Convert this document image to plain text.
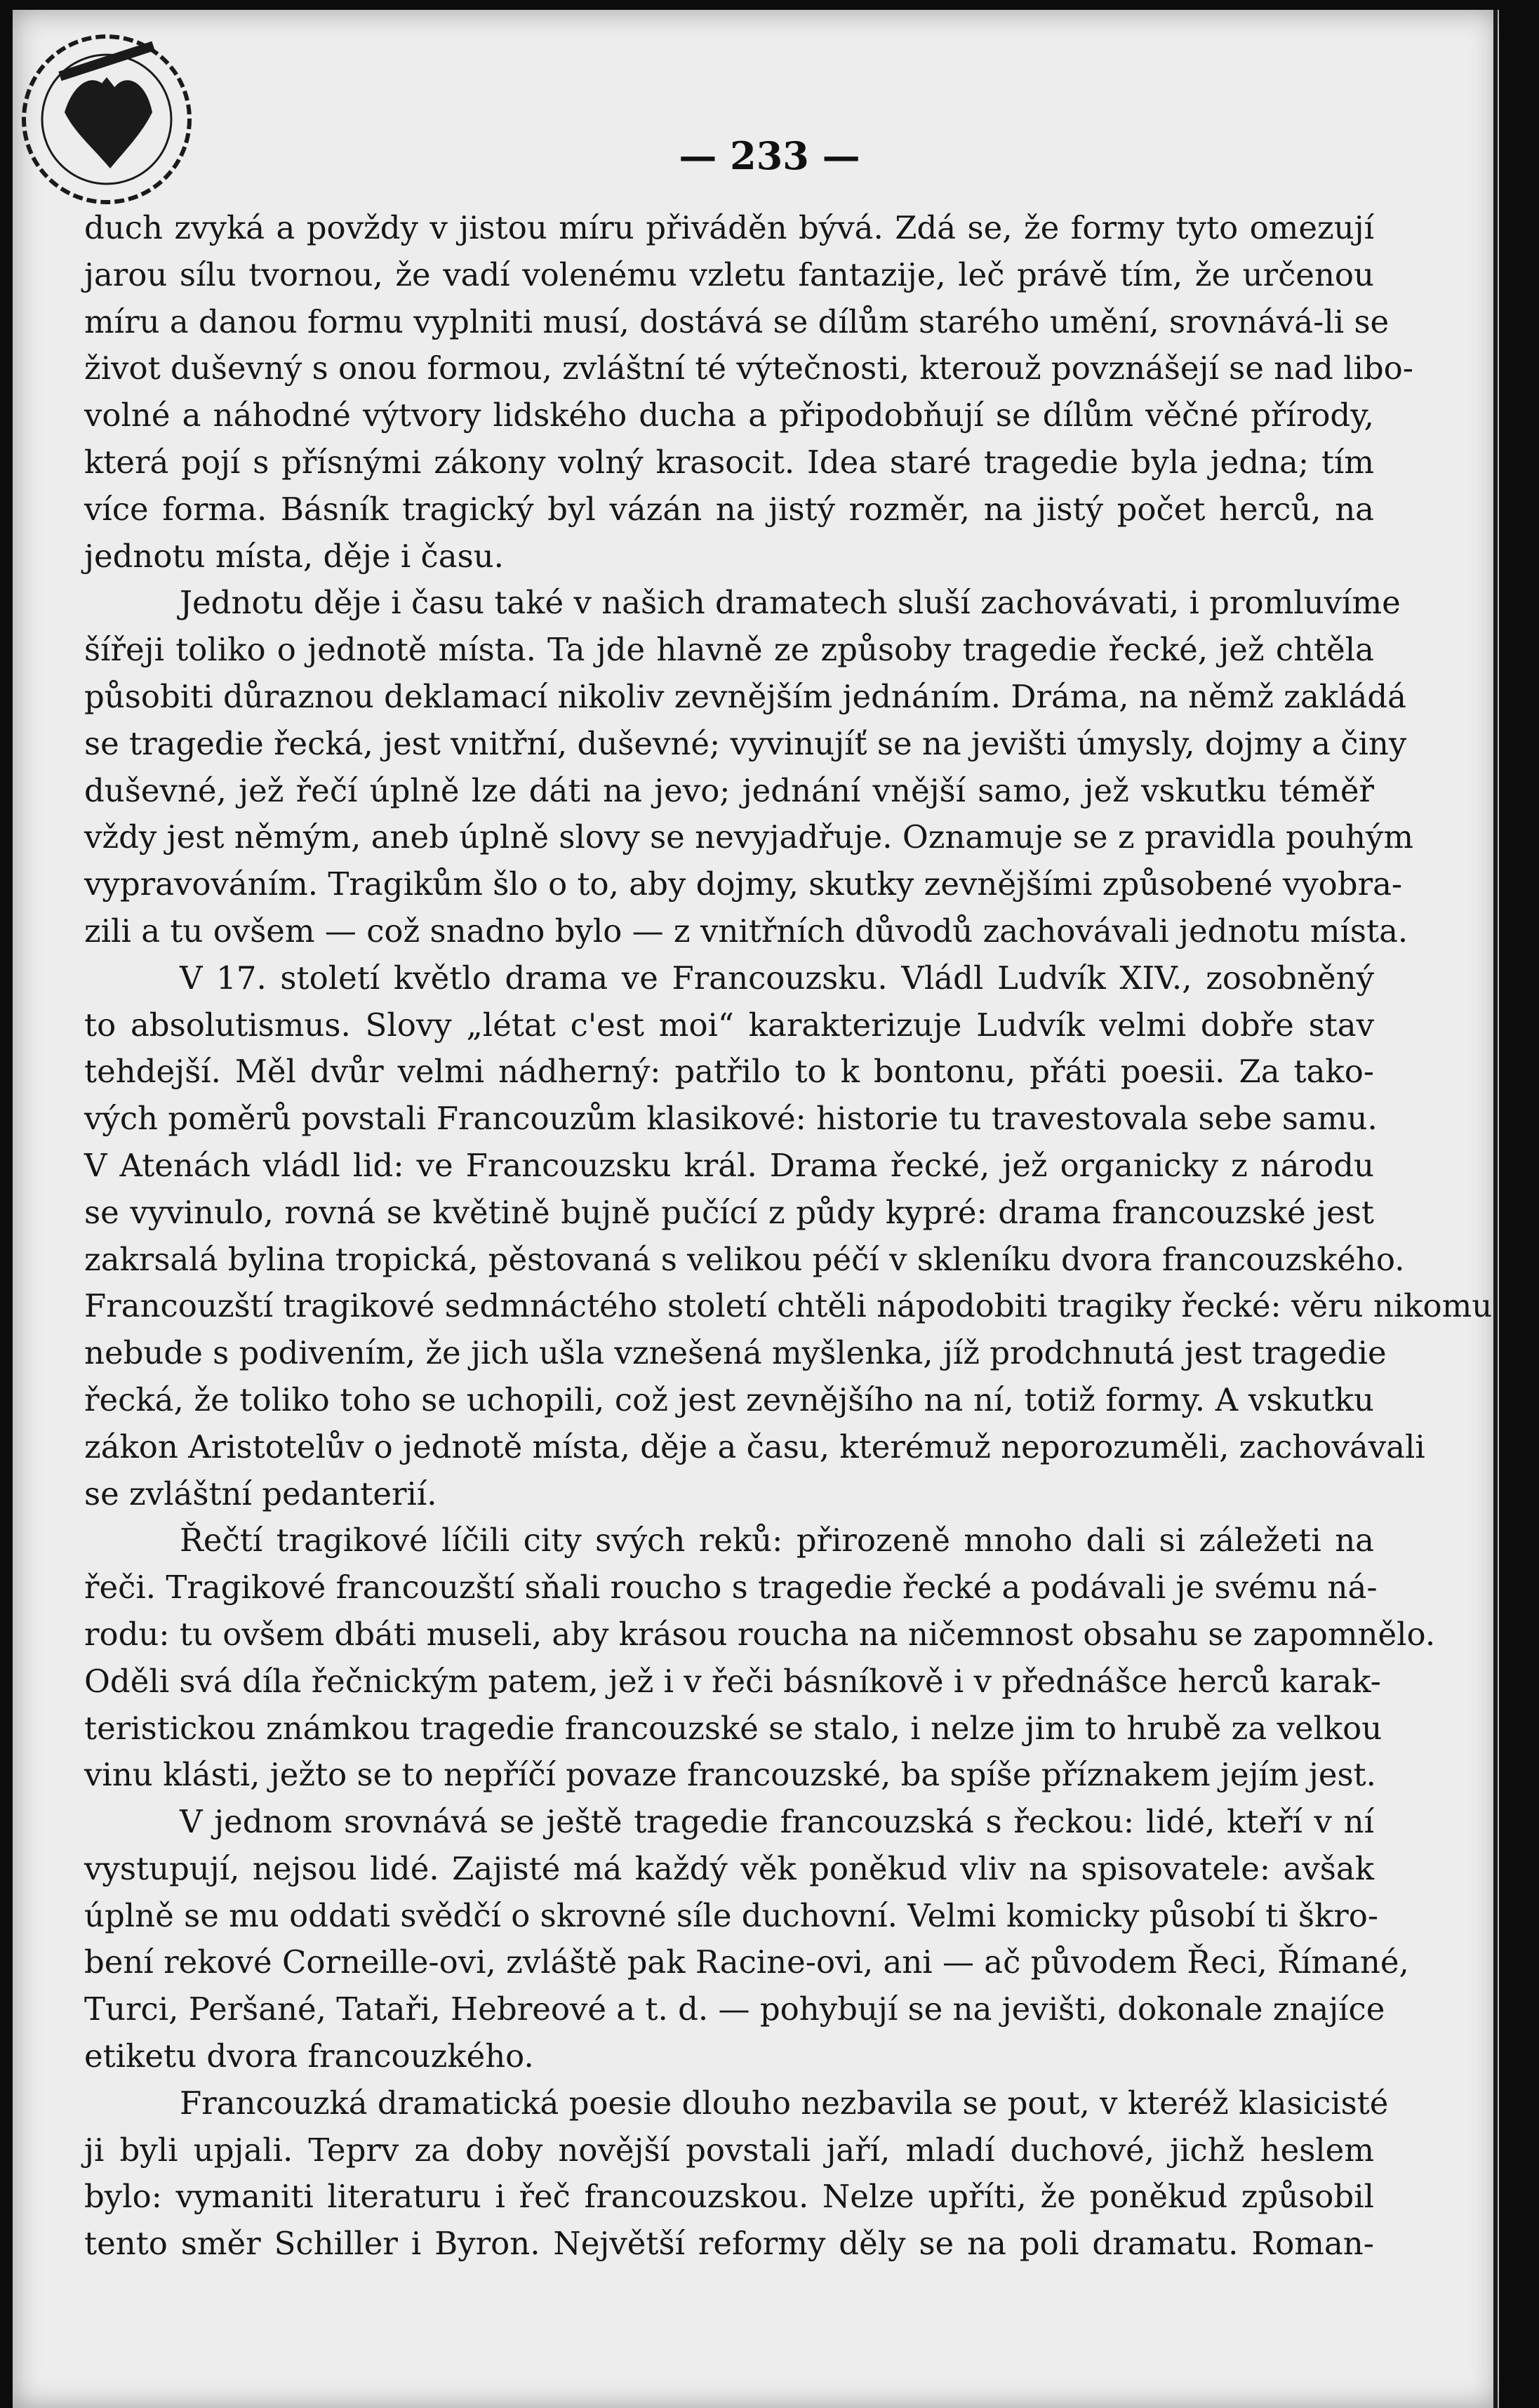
— 233 —
duch zvyká a povždy v jistou míru přiváděn bývá. Zdá se, že formy tyto omezují
jarou sílu tvornou, že vadí volenému vzletu fantazije, leč právě tím, že určenou
míru a danou formu vyplniti musí, dostává se dílům starého umění, srovnává-li se
život duševný s onou formou, zvláštní té výtečnosti, kterouž povznášejí se nad libo-
volné a náhodné výtvory lidského ducha a připodobňují se dílům věčné přírody,
která pojí s přísnými zákony volný krasocit. Idea staré tragedie byla jedna; tím
více forma. Básník tragický byl vázán na jistý rozměr, na jistý počet herců, na
jednotu místa, děje i času.
Jednotu děje i času také v našich dramatech sluší zachovávati, i promluvíme
šířeji toliko o jednotě místa. Ta jde hlavně ze způsoby tragedie řecké, jež chtěla
působiti důraznou deklamací nikoliv zevnějším jednáním. Dráma, na němž zakládá
se tragedie řecká, jest vnitřní, duševné; vyvinujíť se na jevišti úmysly, dojmy a činy
duševné, jež řečí úplně lze dáti na jevo; jednání vnější samo, jež vskutku téměř
vždy jest němým, aneb úplně slovy se nevyjadřuje. Oznamuje se z pravidla pouhým
vypravováním. Tragikům šlo o to, aby dojmy, skutky zevnějšími způsobené vyobra-
zili a tu ovšem — což snadno bylo — z vnitřních důvodů zachovávali jednotu místa.
V 17. století květlo drama ve Francouzsku. Vládl Ludvík XIV., zosobněný
to absolutismus. Slovy „létat c'est moi“ karakterizuje Ludvík velmi dobře stav
tehdejší. Měl dvůr velmi nádherný: patřilo to k bontonu, přáti poesii. Za tako-
vých poměrů povstali Francouzům klasikové: historie tu travestovala sebe samu.
V Atenách vládl lid: ve Francouzsku král. Drama řecké, jež organicky z národu
se vyvinulo, rovná se květině bujně pučící z půdy kypré: drama francouzské jest
zakrsalá bylina tropická, pěstovaná s velikou péčí v skleníku dvora francouzského.
Francouzští tragikové sedmnáctého století chtěli nápodobiti tragiky řecké: věru nikomu
nebude s podivením, že jich ušla vznešená myšlenka, jíž prodchnutá jest tragedie
řecká, že toliko toho se uchopili, což jest zevnějšího na ní, totiž formy. A vskutku
zákon Aristotelův o jednotě místa, děje a času, kterémuž neporozuměli, zachovávali
se zvláštní pedanterií.
Řečtí tragikové líčili city svých reků: přirozeně mnoho dali si záležeti na
řeči. Tragikové francouzští sňali roucho s tragedie řecké a podávali je svému ná-
rodu: tu ovšem dbáti museli, aby krásou roucha na ničemnost obsahu se zapomnělo.
Oděli svá díla řečnickým patem, jež i v řeči básníkově i v přednášce herců karak-
teristickou známkou tragedie francouzské se stalo, i nelze jim to hrubě za velkou
vinu klásti, ježto se to nepříčí povaze francouzské, ba spíše příznakem jejím jest.
V jednom srovnává se ještě tragedie francouzská s řeckou: lidé, kteří v ní
vystupují, nejsou lidé. Zajisté má každý věk poněkud vliv na spisovatele: avšak
úplně se mu oddati svědčí o skrovné síle duchovní. Velmi komicky působí ti škro-
bení rekové Corneille-ovi, zvláště pak Racine-ovi, ani — ač původem Řeci, Římané,
Turci, Peršané, Tataři, Hebreové a t. d. — pohybují se na jevišti, dokonale znajíce
etiketu dvora francouzkého.
Francouzká dramatická poesie dlouho nezbavila se pout, v kteréž klasicisté
ji byli upjali. Teprv za doby novější povstali jaří, mladí duchové, jichž heslem
bylo: vymaniti literaturu i řeč francouzskou. Nelze upříti, že poněkud způsobil
tento směr Schiller i Byron. Největší reformy děly se na poli dramatu. Roman-
